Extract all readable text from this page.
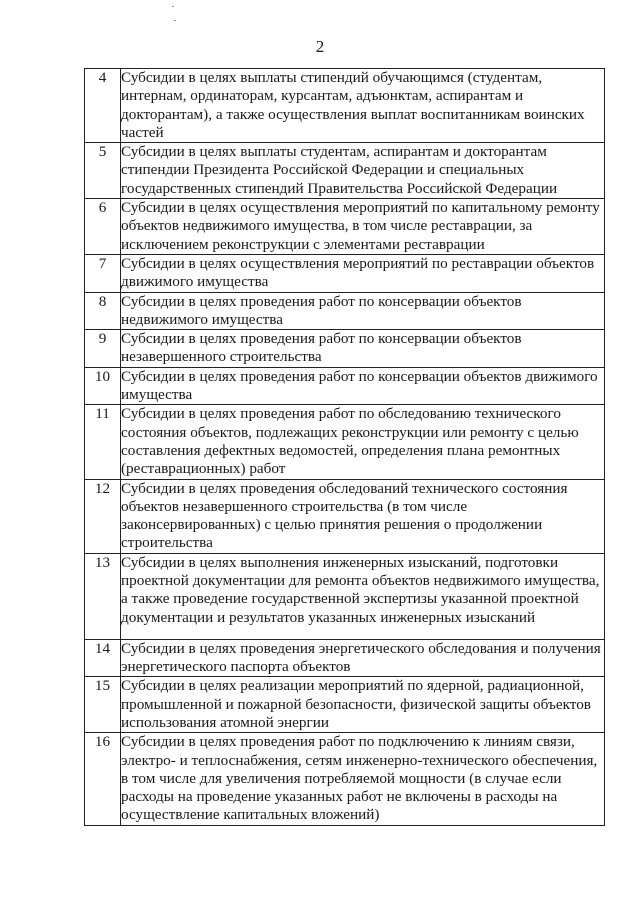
2
4	Субсидии в целях выплаты стипендий обучающимся (студентам, интернам, ординаторам, курсантам, адъюнктам, аспирантам и докторантам), а также осуществления выплат воспитанникам воинских частей
5	Субсидии в целях выплаты студентам, аспирантам и докторантам стипендии Президента Российской Федерации и специальных государственных стипендий Правительства Российской Федерации
6	Субсидии в целях осуществления мероприятий по капитальному ремонту объектов недвижимого имущества, в том числе реставрации, за исключением реконструкции с элементами реставрации
7	Субсидии в целях осуществления мероприятий по реставрации объектов движимого имущества
8	Субсидии в целях проведения работ по консервации объектов недвижимого имущества
9	Субсидии в целях проведения работ по консервации объектов незавершенного строительства
10	Субсидии в целях проведения работ по консервации объектов движимого имущества
11	Субсидии в целях проведения работ по обследованию технического состояния объектов, подлежащих реконструкции или ремонту с целью составления дефектных ведомостей, определения плана ремонтных (реставрационных) работ
12	Субсидии в целях проведения обследований технического состояния объектов незавершенного строительства (в том числе законсервированных) с целью принятия решения о продолжении строительства
13	Субсидии в целях выполнения инженерных изысканий, подготовки проектной документации для ремонта объектов недвижимого имущества, а также проведение государственной экспертизы указанной проектной документации и результатов указанных инженерных изысканий
14	Субсидии в целях проведения энергетического обследования и получения энергетического паспорта объектов
15	Субсидии в целях реализации мероприятий по ядерной, радиационной, промышленной и пожарной безопасности, физической защиты объектов использования атомной энергии
16	Субсидии в целях проведения работ по подключению к линиям связи, электро- и теплоснабжения, сетям инженерно-технического обеспечения, в том числе для увеличения потребляемой мощности (в случае если расходы на проведение указанных работ не включены в расходы на осуществление капитальных вложений)
